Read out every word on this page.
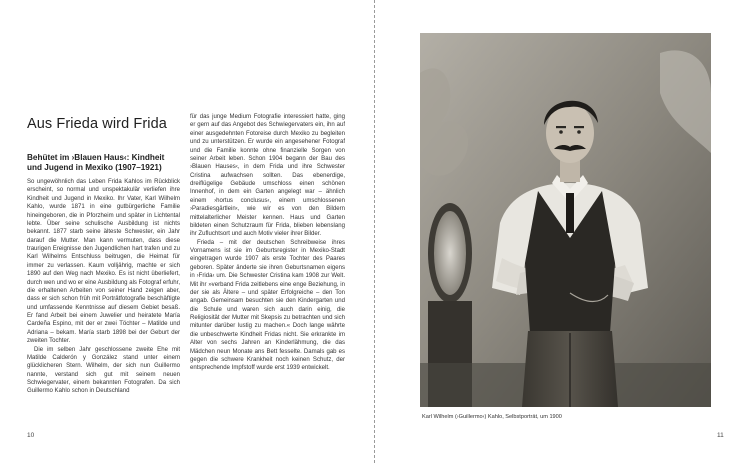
Aus Frieda wird Frida
Behütet im ›Blauen Haus‹: Kindheit und Jugend in Mexiko (1907–1921)

So ungewöhnlich das Leben Frida Kahlos im Rückblick erscheint, so normal und unspektakulär verliefen ihre Kindheit und Jugend in Mexiko. Ihr Vater, Karl Wilhelm Kahlo, wurde 1871 in eine gutbürgerliche Familie hineingeboren, die in Pforzheim und später in Lichtental lebte. Über seine schulische Ausbildung ist nichts bekannt. 1877 starb seine älteste Schwester, ein Jahr darauf die Mutter. Man kann vermuten, dass diese traurigen Ereignisse den Jugendlichen hart trafen und zu Karl Wilhelms Entschluss beitrugen, die Heimat für immer zu verlassen. Kaum volljährig, machte er sich 1890 auf den Weg nach Mexiko. Es ist nicht überliefert, durch wen und wo er eine Ausbildung als Fotograf erfuhr, die erhaltenen Arbeiten von seiner Hand zeigen aber, dass er sich schon früh mit Porträtfotografie beschäftigte und umfassende Kenntnisse auf diesem Gebiet besaß. Er fand Arbeit bei einem Juwelier und heiratete María Cardeña Espino, mit der er zwei Töchter – Matilde und Adriana – bekam. María starb 1898 bei der Geburt der zweiten Tochter.

Die im selben Jahr geschlossene zweite Ehe mit Matilde Calderón y González stand unter einem glücklicheren Stern. Wilhelm, der sich nun Guillermo nannte, verstand sich gut mit seinem neuen Schwiegervater, einem bekannten Fotografen. Da sich Guillermo Kahlo schon in Deutschland

für das junge Medium Fotografie interessiert hatte, ging er gern auf das Angebot des Schwiegervaters ein, ihn auf einer ausgedehnten Fotoreise durch Mexiko zu begleiten und zu unterstützen. Er wurde ein angesehener Fotograf und die Familie konnte ohne finanzielle Sorgen von seiner Arbeit leben. Schon 1904 begann der Bau des ›Blauen Hauses‹, in dem Frida und ihre Schwester Cristina aufwachsen sollten. Das ebenerdige, dreiflügelige Gebäude umschloss einen schönen Innenhof, in dem ein Garten angelegt war – ähnlich einem ›hortus conclusus‹, einem umschlossenen ›Paradiesgärtlein‹, wie wir es von den Bildern mittelalterlicher Meister kennen. Haus und Garten bildeten einen Schutzraum für Frida, blieben lebenslang ihr Zufluchtsort und auch Motiv vieler ihrer Bilder.

Frieda – mit der deutschen Schreibweise ihres Vornamens ist sie im Geburtsregister in Mexiko-Stadt eingetragen wurde 1907 als erste Tochter des Paares geboren. Später änderte sie ihren Geburtsnamen eigens in ›Frida‹ um. Die Schwester Cristina kam 1908 zur Welt. Mit ihr »verband Frida zeitlebens eine enge Beziehung, in der sie als Ältere – und später Erfolgreiche – den Ton angab. Gemeinsam besuchten sie den Kindergarten und die Schule und waren sich auch darin einig, die Religiosität der Mutter mit Skepsis zu betrachten und sich mitunter darüber lustig zu machen.« Doch lange währte die unbeschwerte Kindheit Fridas nicht. Sie erkrankte im Alter von sechs Jahren an Kinderlähmung, die das Mädchen neun Monate ans Bett fesselte. Damals gab es gegen die schwere Krankheit noch keinen Schutz, der entsprechende Impfstoff wurde erst 1939 entwickelt.

10
Karl Wilhelm (›Guillermo‹) Kahlo, Selbstporträt, um 1900
11
